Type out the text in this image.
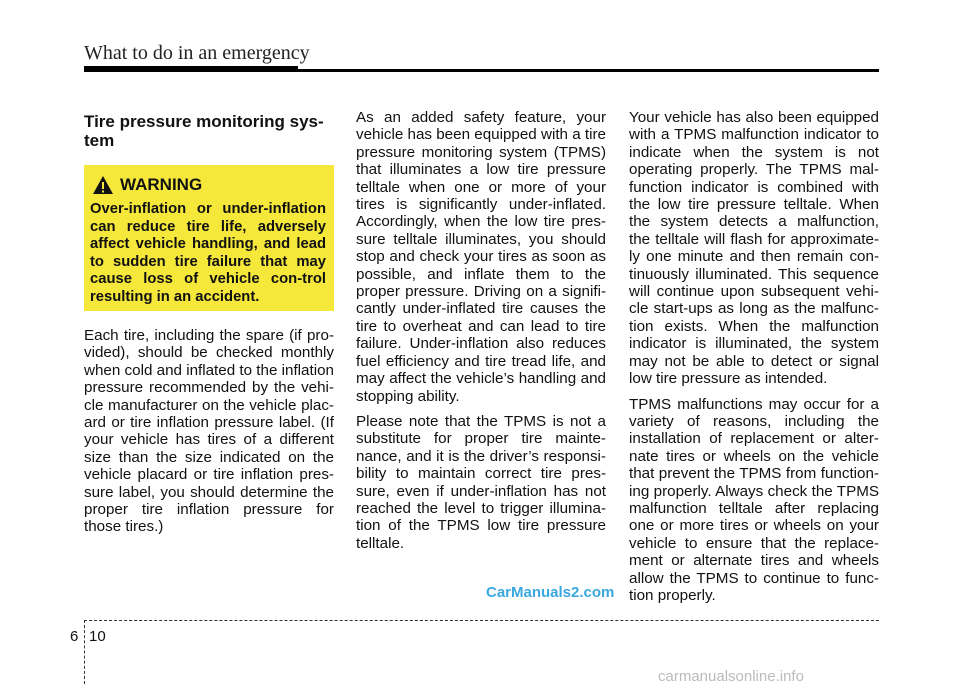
What to do in an emergency
Tire pressure monitoring sys-
tem
WARNING
Over-inflation or under-inflation can reduce tire life, adversely affect vehicle handling, and lead to sudden tire failure that may cause loss of vehicle con-trol resulting in an accident.

Each tire, including the spare (if pro-vided), should be checked monthly when cold and inflated to the inflation pressure recommended by the vehi-cle manufacturer on the vehicle plac-ard or tire inflation pressure label. (If your vehicle has tires of a different size than the size indicated on the vehicle placard or tire inflation pres-sure label, you should determine the proper tire inflation pressure for those tires.)

As an added safety feature, your vehicle has been equipped with a tire pressure monitoring system (TPMS) that illuminates a low tire pressure telltale when one or more of your tires is significantly under-inflated. Accordingly, when the low tire pres-sure telltale illuminates, you should stop and check your tires as soon as possible, and inflate them to the proper pressure. Driving on a signifi-cantly under-inflated tire causes the tire to overheat and can lead to tire failure. Under-inflation also reduces fuel efficiency and tire tread life, and may affect the vehicle’s handling and stopping ability.

Please note that the TPMS is not a substitute for proper tire mainte-nance, and it is the driver’s responsi-bility to maintain correct tire pres-sure, even if under-inflation has not reached the level to trigger illumina-tion of the TPMS low tire pressure telltale.

Your vehicle has also been equipped with a TPMS malfunction indicator to indicate when the system is not operating properly. The TPMS mal-function indicator is combined with the low tire pressure telltale. When the system detects a malfunction, the telltale will flash for approximate-ly one minute and then remain con-tinuously illuminated. This sequence will continue upon subsequent vehi-cle start-ups as long as the malfunc-tion exists. When the malfunction indicator is illuminated, the system may not be able to detect or signal low tire pressure as intended.

TPMS malfunctions may occur for a variety of reasons, including the installation of replacement or alter-nate tires or wheels on the vehicle that prevent the TPMS from function-ing properly. Always check the TPMS malfunction telltale after replacing one or more tires or wheels on your vehicle to ensure that the replace-ment or alternate tires and wheels allow the TPMS to continue to func-tion properly.

CarManuals2.com
6 10
carmanualsonline.info
